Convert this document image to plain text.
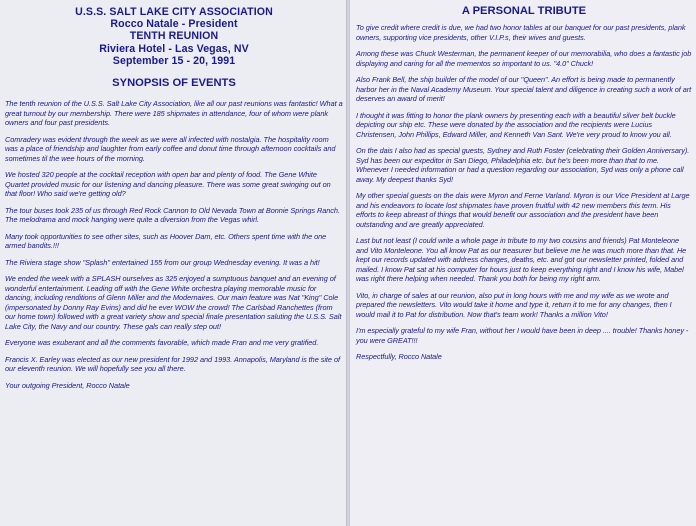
U.S.S. SALT LAKE CITY ASSOCIATION
Rocco Natale - President
TENTH REUNION
Riviera Hotel - Las Vegas, NV
September 15 - 20, 1991
SYNOPSIS OF EVENTS

The tenth reunion of the U.S.S. Salt Lake City Association, like all our past reunions was fantastic! What a great turnout by our membership. There were 185 shipmates in attendance, four of whom were plank owners and four past presidents.

Comradery was evident through the week as we were all infected with nostalgia. The hospitality room was a place of friendship and laughter from early coffee and donut time through afternoon cocktails and sometimes til the wee hours of the morning.

We hosted 320 people at the cocktail reception with open bar and plenty of food. The Gene White Quartet provided music for our listening and dancing pleasure. There was some great swinging out on that floor! Who said we're getting old?

The tour buses took 235 of us through Red Rock Cannon to Old Nevada Town at Bonnie Springs Ranch. The melodrama and mock hanging were quite a diversion from the Vegas whirl.

Many took opportunities to see other sites, such as Hoover Dam, etc. Others spent time with the one armed bandits.!!!

The Riviera stage show "Splash" entertained 155 from our group Wednesday evening. It was a hit!

We ended the week with a SPLASH ourselves as 325 enjoyed a sumptuous banquet and an evening of wonderful entertainment. Leading off with the Gene White orchestra playing memorable music for dancing, including renditions of Glenn Miller and the Modernaires. Our main feature was Nat "King" Cole (impersonated by Donny Ray Evins) and did he ever WOW the crowd! The Carlsbad Ranchettes (from our home town) followed with a great variety show and special finale presentation saluting the U.S.S. Salt Lake City, the Navy and our country. These gals can really step out!

Everyone was exuberant and all the comments favorable, which made Fran and me very gratified.

Francis X. Earley was elected as our new president for 1992 and 1993. Annapolis, Maryland is the site of our eleventh reunion. We will hopefully see you all there.

Your outgoing President, Rocco Natale

A PERSONAL TRIBUTE

To give credit where credit is due, we had two honor tables at our banquet for our past presidents, plank owners, supporting vice presidents, other V.I.P.s, their wives and guests.

Among these was Chuck Westerman, the permanent keeper of our memorabilia, who does a fantastic job displaying and caring for all the mementos so important to us. "4.0" Chuck!

Also Frank Bell, the ship builder of the model of our "Queen". An effort is being made to permanently harbor her in the Naval Academy Museum. Your special talent and diligence in creating such a work of art deserves an award of merit!

I thought it was fitting to honor the plank owners by presenting each with a beautiful silver belt buckle depicting our ship etc. These were donated by the association and the recipients were Lucius Christensen, John Phillips, Edward Miller, and Kenneth Van Sant. We're very proud to know you all.

On the dais I also had as special guests, Sydney and Ruth Foster (celebrating their Golden Anniversary). Syd has been our expeditor in San Diego, Philadelphia etc. but he's been more than that to me. Whenever I needed information or had a question regarding our association, Syd was only a phone call away. My deepest thanks Syd!

My other special guests on the dais were Myron and Ferne Varland. Myron is our Vice President at Large and his endeavors to locate lost shipmates have proven fruitful with 42 new members this term. His efforts to keep abreast of things that would benefit our association and the president have been outstanding and are greatly appreciated.

Last but not least (I could write a whole page in tribute to my two cousins and friends) Pat Monteleone and Vito Monteleone. You all know Pat as our treasurer but believe me he was much more than that. He kept our records updated with address changes, deaths, etc. and got our newsletter printed, folded and mailed. I know Pat sat at his computer for hours just to keep everything right and I know his wife, Mabel was right there helping when needed. Thank you both for being my right arm.

Vito, in charge of sales at our reunion, also put in long hours with me and my wife as we wrote and prepared the newsletters. Vito would take it home and type it, return it to me for any changes, then I would mail it to Pat for distribution. Now that's team work! Thanks a million Vito!

I'm especially grateful to my wife Fran, without her I would have been in deep .... trouble! Thanks honey - you were GREAT!!!

Respectfully, Rocco Natale
